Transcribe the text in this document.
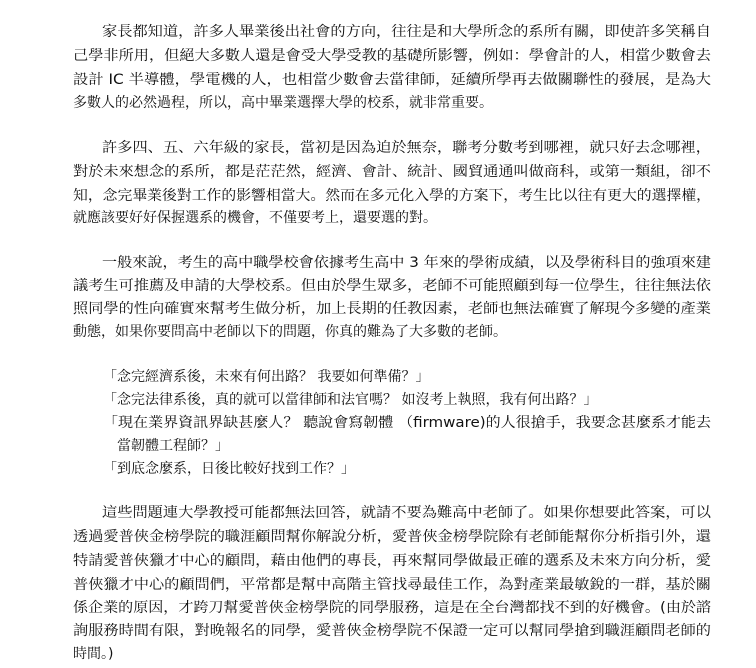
家長都知道，許多人畢業後出社會的方向，往往是和大學所念的系所有關，即使許多笑稱自
己學非所用，但絕大多數人還是會受大學受教的基礎所影響，例如：學會計的人，相當少數會去
設計 IC 半導體，學電機的人，也相當少數會去當律師，延續所學再去做關聯性的發展，是為大
多數人的必然過程，所以，高中畢業選擇大學的校系，就非常重要。
許多四、五、六年級的家長，當初是因為迫於無奈，聯考分數考到哪裡，就只好去念哪裡，
對於未來想念的系所，都是茫茫然，經濟、會計、統計、國貿通通叫做商科，或第一類組，卻不
知，念完畢業後對工作的影響相當大。然而在多元化入學的方案下，考生比以往有更大的選擇權，
就應該要好好保握選系的機會，不僅要考上，還要選的對。
一般來說，考生的高中職學校會依據考生高中 3 年來的學術成績，以及學術科目的強項來建
議考生可推薦及申請的大學校系。但由於學生眾多，老師不可能照顧到每一位學生，往往無法依
照同學的性向確實來幫考生做分析，加上長期的任教因素，老師也無法確實了解現今多變的產業
動態，如果你要問高中老師以下的問題，你真的難為了大多數的老師。
「念完經濟系後，未來有何出路？ 我要如何準備？」
「念完法律系後，真的就可以當律師和法官嗎？ 如沒考上執照，我有何出路？」
「現在業界資訊界缺甚麼人？ 聽說會寫韌體 （firmware)的人很搶手，我要念甚麼系才能去
當韌體工程師？」
「到底念麼系，日後比較好找到工作？」
這些問題連大學教授可能都無法回答，就請不要為難高中老師了。如果你想要此答案，可以
透過愛普俠金榜學院的職涯顧問幫你解說分析，愛普俠金榜學院除有老師能幫你分析指引外，還
特請愛普俠獵才中心的顧問，藉由他們的專長，再來幫同學做最正確的選系及未來方向分析，愛
普俠獵才中心的顧問們，平常都是幫中高階主管找尋最佳工作，為對產業最敏銳的一群，基於關
係企業的原因，才跨刀幫愛普俠金榜學院的同學服務，這是在全台灣都找不到的好機會。(由於諮
詢服務時間有限，對晚報名的同學，愛普俠金榜學院不保證一定可以幫同學搶到職涯顧問老師的
時間。)
